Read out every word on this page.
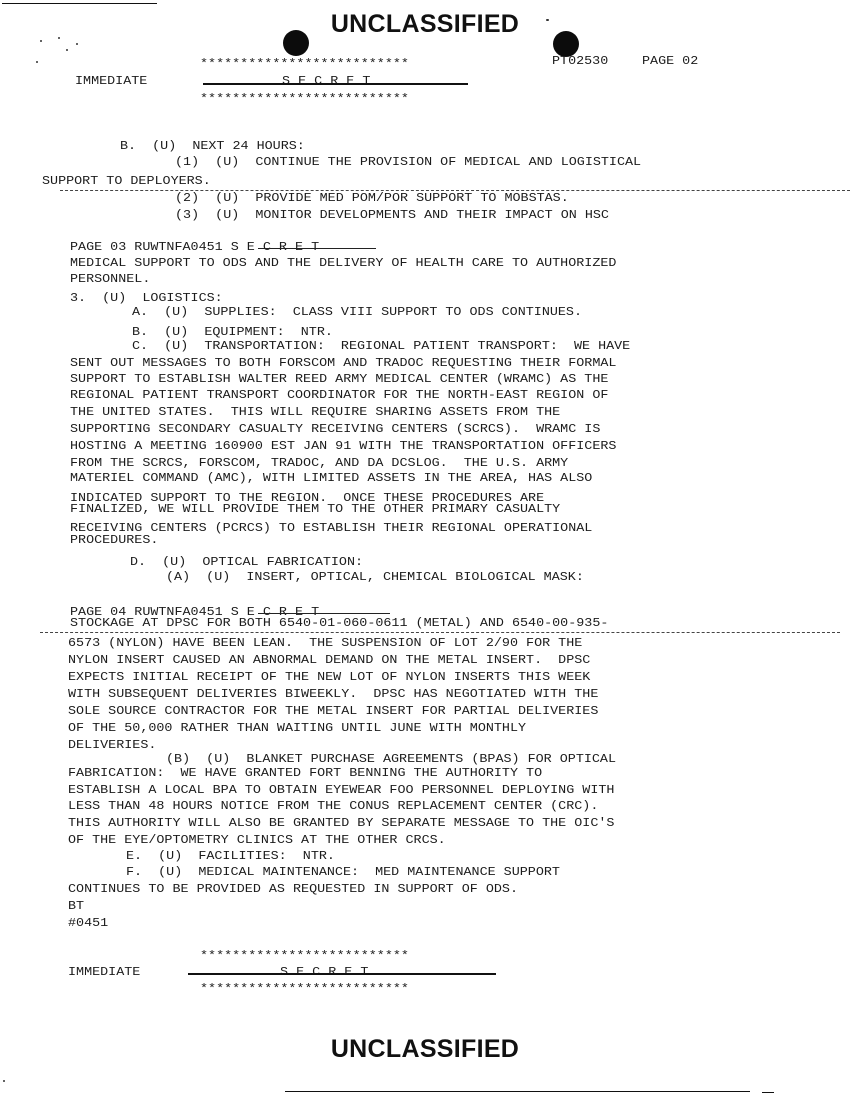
UNCLASSIFIED
**************************	PT02530	PAGE 02
IMMEDIATE	S E C R E T
**************************
B.  (U)  NEXT 24 HOURS:
(1)  (U)  CONTINUE THE PROVISION OF MEDICAL AND LOGISTICAL
SUPPORT TO DEPLOYERS.
(2)  (U)  PROVIDE MED POM/POR SUPPORT TO MOBSTAS.
(3)  (U)  MONITOR DEVELOPMENTS AND THEIR IMPACT ON HSC
PAGE 03 RUWTNFA0451 S E C R E T
MEDICAL SUPPORT TO ODS AND THE DELIVERY OF HEALTH CARE TO AUTHORIZED
PERSONNEL.
3.  (U)  LOGISTICS:
A.  (U)  SUPPLIES:  CLASS VIII SUPPORT TO ODS CONTINUES.
B.  (U)  EQUIPMENT:  NTR.
C.  (U)  TRANSPORTATION:  REGIONAL PATIENT TRANSPORT:  WE HAVE
SENT OUT MESSAGES TO BOTH FORSCOM AND TRADOC REQUESTING THEIR FORMAL
SUPPORT TO ESTABLISH WALTER REED ARMY MEDICAL CENTER (WRAMC) AS THE
REGIONAL PATIENT TRANSPORT COORDINATOR FOR THE NORTH-EAST REGION OF
THE UNITED STATES.  THIS WILL REQUIRE SHARING ASSETS FROM THE
SUPPORTING SECONDARY CASUALTY RECEIVING CENTERS (SCRCS).  WRAMC IS
HOSTING A MEETING 160900 EST JAN 91 WITH THE TRANSPORTATION OFFICERS
FROM THE SCRCS, FORSCOM, TRADOC, AND DA DCSLOG.  THE U.S. ARMY
MATERIEL COMMAND (AMC), WITH LIMITED ASSETS IN THE AREA, HAS ALSO
INDICATED SUPPORT TO THE REGION.  ONCE THESE PROCEDURES ARE
FINALIZED, WE WILL PROVIDE THEM TO THE OTHER PRIMARY CASUALTY
RECEIVING CENTERS (PCRCS) TO ESTABLISH THEIR REGIONAL OPERATIONAL
PROCEDURES.
D.  (U)  OPTICAL FABRICATION:
(A)  (U)  INSERT, OPTICAL, CHEMICAL BIOLOGICAL MASK:
PAGE 04 RUWTNFA0451 S E C R E T
STOCKAGE AT DPSC FOR BOTH 6540-01-060-0611 (METAL) AND 6540-00-935-
6573 (NYLON) HAVE BEEN LEAN.  THE SUSPENSION OF LOT 2/90 FOR THE
NYLON INSERT CAUSED AN ABNORMAL DEMAND ON THE METAL INSERT.  DPSC
EXPECTS INITIAL RECEIPT OF THE NEW LOT OF NYLON INSERTS THIS WEEK
WITH SUBSEQUENT DELIVERIES BIWEEKLY.  DPSC HAS NEGOTIATED WITH THE
SOLE SOURCE CONTRACTOR FOR THE METAL INSERT FOR PARTIAL DELIVERIES
OF THE 50,000 RATHER THAN WAITING UNTIL JUNE WITH MONTHLY
DELIVERIES.
(B)  (U)  BLANKET PURCHASE AGREEMENTS (BPAS) FOR OPTICAL
FABRICATION:  WE HAVE GRANTED FORT BENNING THE AUTHORITY TO
ESTABLISH A LOCAL BPA TO OBTAIN EYEWEAR FOO PERSONNEL DEPLOYING WITH
LESS THAN 48 HOURS NOTICE FROM THE CONUS REPLACEMENT CENTER (CRC).
THIS AUTHORITY WILL ALSO BE GRANTED BY SEPARATE MESSAGE TO THE OIC'S
OF THE EYE/OPTOMETRY CLINICS AT THE OTHER CRCS.
E.  (U)  FACILITIES:  NTR.
F.  (U)  MEDICAL MAINTENANCE:  MED MAINTENANCE SUPPORT
CONTINUES TO BE PROVIDED AS REQUESTED IN SUPPORT OF ODS.
BT
#0451
**************************
IMMEDIATE	S E C R E T
**************************
UNCLASSIFIED
